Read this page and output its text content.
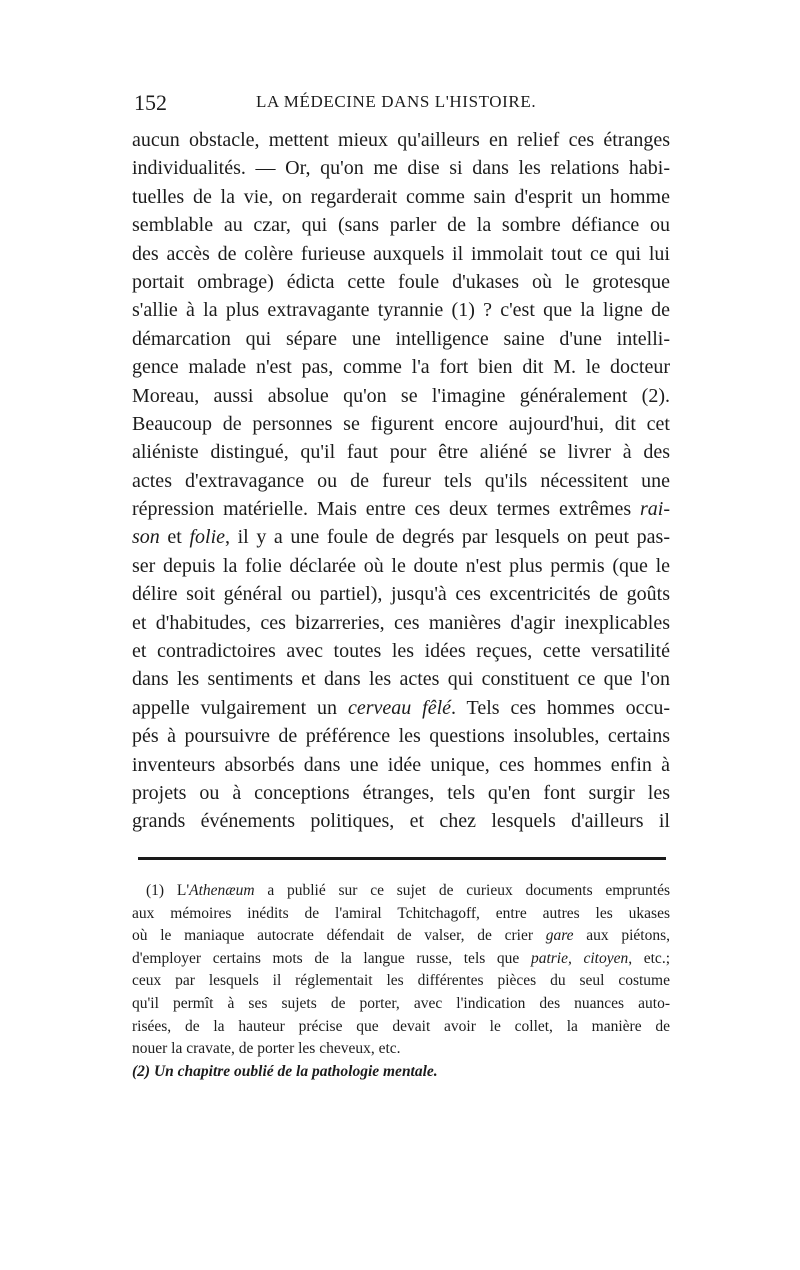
152	LA MÉDECINE DANS L'HISTOIRE.
aucun obstacle, mettent mieux qu'ailleurs en relief ces étranges
individualités. — Or, qu'on me dise si dans les relations habi-
tuelles de la vie, on regarderait comme sain d'esprit un homme
semblable au czar, qui (sans parler de la sombre défiance ou
des accès de colère furieuse auxquels il immolait tout ce qui lui
portait ombrage) édicta cette foule d'ukases où le grotesque
s'allie à la plus extravagante tyrannie (1) ? c'est que la ligne de
démarcation qui sépare une intelligence saine d'une intelli-
gence malade n'est pas, comme l'a fort bien dit M. le docteur
Moreau, aussi absolue qu'on se l'imagine généralement (2).
Beaucoup de personnes se figurent encore aujourd'hui, dit cet
aliéniste distingué, qu'il faut pour être aliéné se livrer à des
actes d'extravagance ou de fureur tels qu'ils nécessitent une
répression matérielle. Mais entre ces deux termes extrêmes rai-
son et folie, il y a une foule de degrés par lesquels on peut pas-
ser depuis la folie déclarée où le doute n'est plus permis (que le
délire soit général ou partiel), jusqu'à ces excentricités de goûts
et d'habitudes, ces bizarreries, ces manières d'agir inexplicables
et contradictoires avec toutes les idées reçues, cette versatilité
dans les sentiments et dans les actes qui constituent ce que l'on
appelle vulgairement un cerveau fêlé. Tels ces hommes occu-
pés à poursuivre de préférence les questions insolubles, certains
inventeurs absorbés dans une idée unique, ces hommes enfin à
projets ou à conceptions étranges, tels qu'en font surgir les
grands événements politiques, et chez lesquels d'ailleurs il
(1) L'Athenæum a publié sur ce sujet de curieux documents empruntés
aux mémoires inédits de l'amiral Tchitchagoff, entre autres les ukases
où le maniaque autocrate défendait de valser, de crier gare aux piétons,
d'employer certains mots de la langue russe, tels que patrie, citoyen, etc.;
ceux par lesquels il réglementait les différentes pièces du seul costume
qu'il permît à ses sujets de porter, avec l'indication des nuances auto-
risées, de la hauteur précise que devait avoir le collet, la manière de
nouer la cravate, de porter les cheveux, etc.
(2) Un chapitre oublié de la pathologie mentale.
